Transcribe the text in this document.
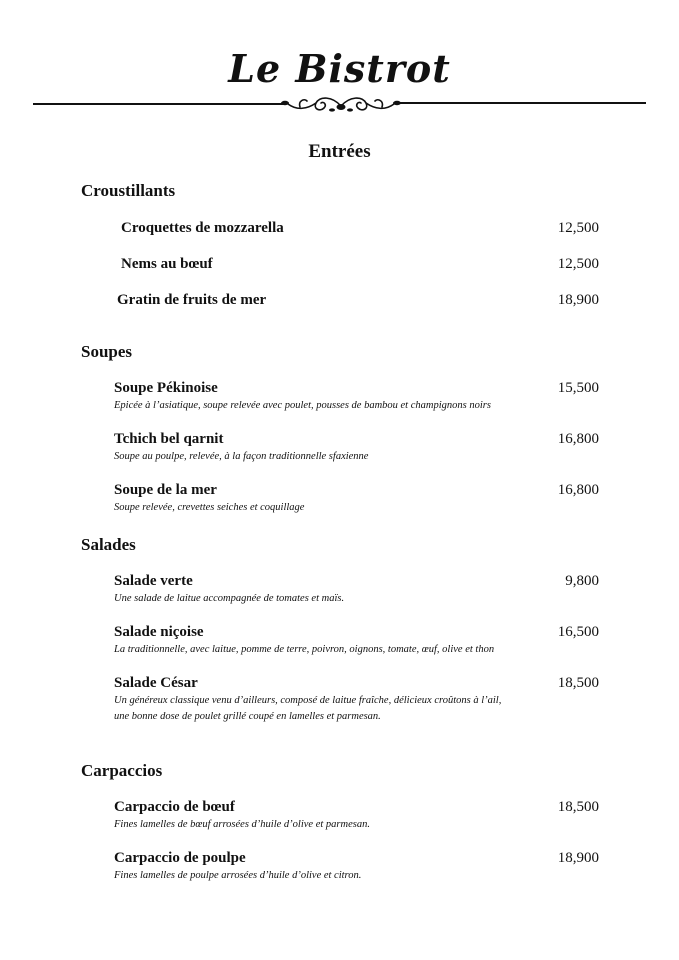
Le Bistrot
Entrées
Croustillants
Croquettes de mozzarella	12,500
Nems au bœuf	12,500
Gratin de fruits de mer	18,900
Soupes
Soupe Pékinoise	15,500
Epicée à l’asiatique, soupe relevée avec poulet, pousses de bambou et champignons noirs
Tchich bel qarnit	16,800
Soupe au poulpe, relevée, à la façon traditionnelle sfaxienne
Soupe de la mer	16,800
Soupe relevée, crevettes seiches et coquillage
Salades
Salade verte	9,800
Une salade de laitue accompagnée de tomates et maïs.
Salade niçoise	16,500
La traditionnelle, avec laitue, pomme de terre, poivron, oignons, tomate, œuf, olive et thon
Salade César	18,500
Un généreux classique venu d’ailleurs, composé de laitue fraîche, délicieux croûtons à l’ail,
une bonne dose de poulet grillé coupé en lamelles et parmesan.
Carpaccios
Carpaccio de bœuf	18,500
Fines lamelles de bœuf arrosées d’huile d’olive et parmesan.
Carpaccio de poulpe	18,900
Fines lamelles de poulpe arrosées d’huile d’olive et citron.
